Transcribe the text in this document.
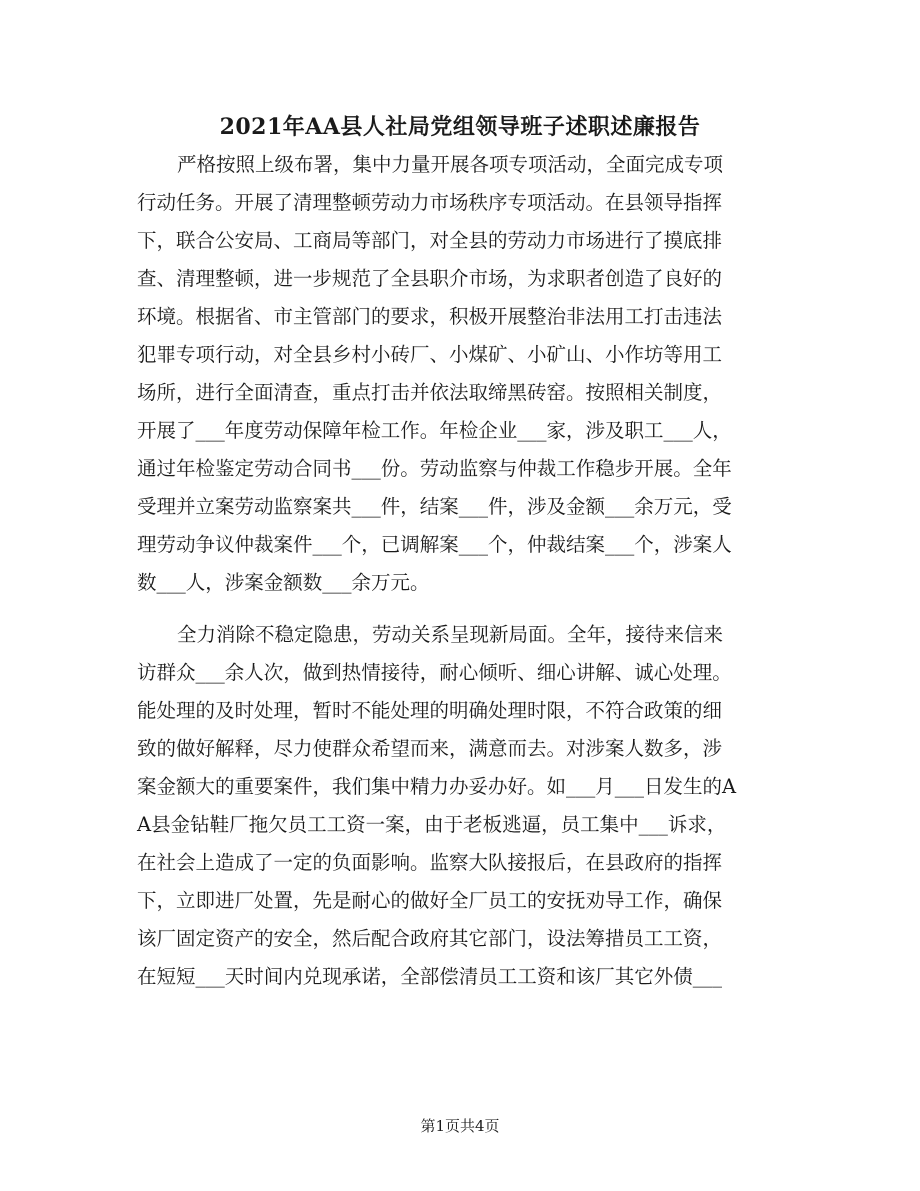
2021年AA县人社局党组领导班子述职述廉报告
严格按照上级布署，集中力量开展各项专项活动，全面完成专项
行动任务。开展了清理整顿劳动力市场秩序专项活动。在县领导指挥
下，联合公安局、工商局等部门，对全县的劳动力市场进行了摸底排
查、清理整顿，进一步规范了全县职介市场，为求职者创造了良好的
环境。根据省、市主管部门的要求，积极开展整治非法用工打击违法
犯罪专项行动，对全县乡村小砖厂、小煤矿、小矿山、小作坊等用工
场所，进行全面清查，重点打击并依法取缔黑砖窑。按照相关制度，
开展了___年度劳动保障年检工作。年检企业___家，涉及职工___人，
通过年检鉴定劳动合同书___份。劳动监察与仲裁工作稳步开展。全年
受理并立案劳动监察案共___件，结案___件，涉及金额___余万元，受
理劳动争议仲裁案件___个，已调解案___个，仲裁结案___个，涉案人
数___人，涉案金额数___余万元。
全力消除不稳定隐患，劳动关系呈现新局面。全年，接待来信来
访群众___余人次，做到热情接待，耐心倾听、细心讲解、诚心处理。
能处理的及时处理，暂时不能处理的明确处理时限，不符合政策的细
致的做好解释，尽力使群众希望而来，满意而去。对涉案人数多，涉
案金额大的重要案件，我们集中精力办妥办好。如___月___日发生的A
A县金钻鞋厂拖欠员工工资一案，由于老板逃逼，员工集中___诉求，
在社会上造成了一定的负面影响。监察大队接报后，在县政府的指挥
下，立即进厂处置，先是耐心的做好全厂员工的安抚劝导工作，确保
该厂固定资产的安全，然后配合政府其它部门，设法筹措员工工资，
在短短___天时间内兑现承诺，全部偿清员工工资和该厂其它外债___
第1页共4页
